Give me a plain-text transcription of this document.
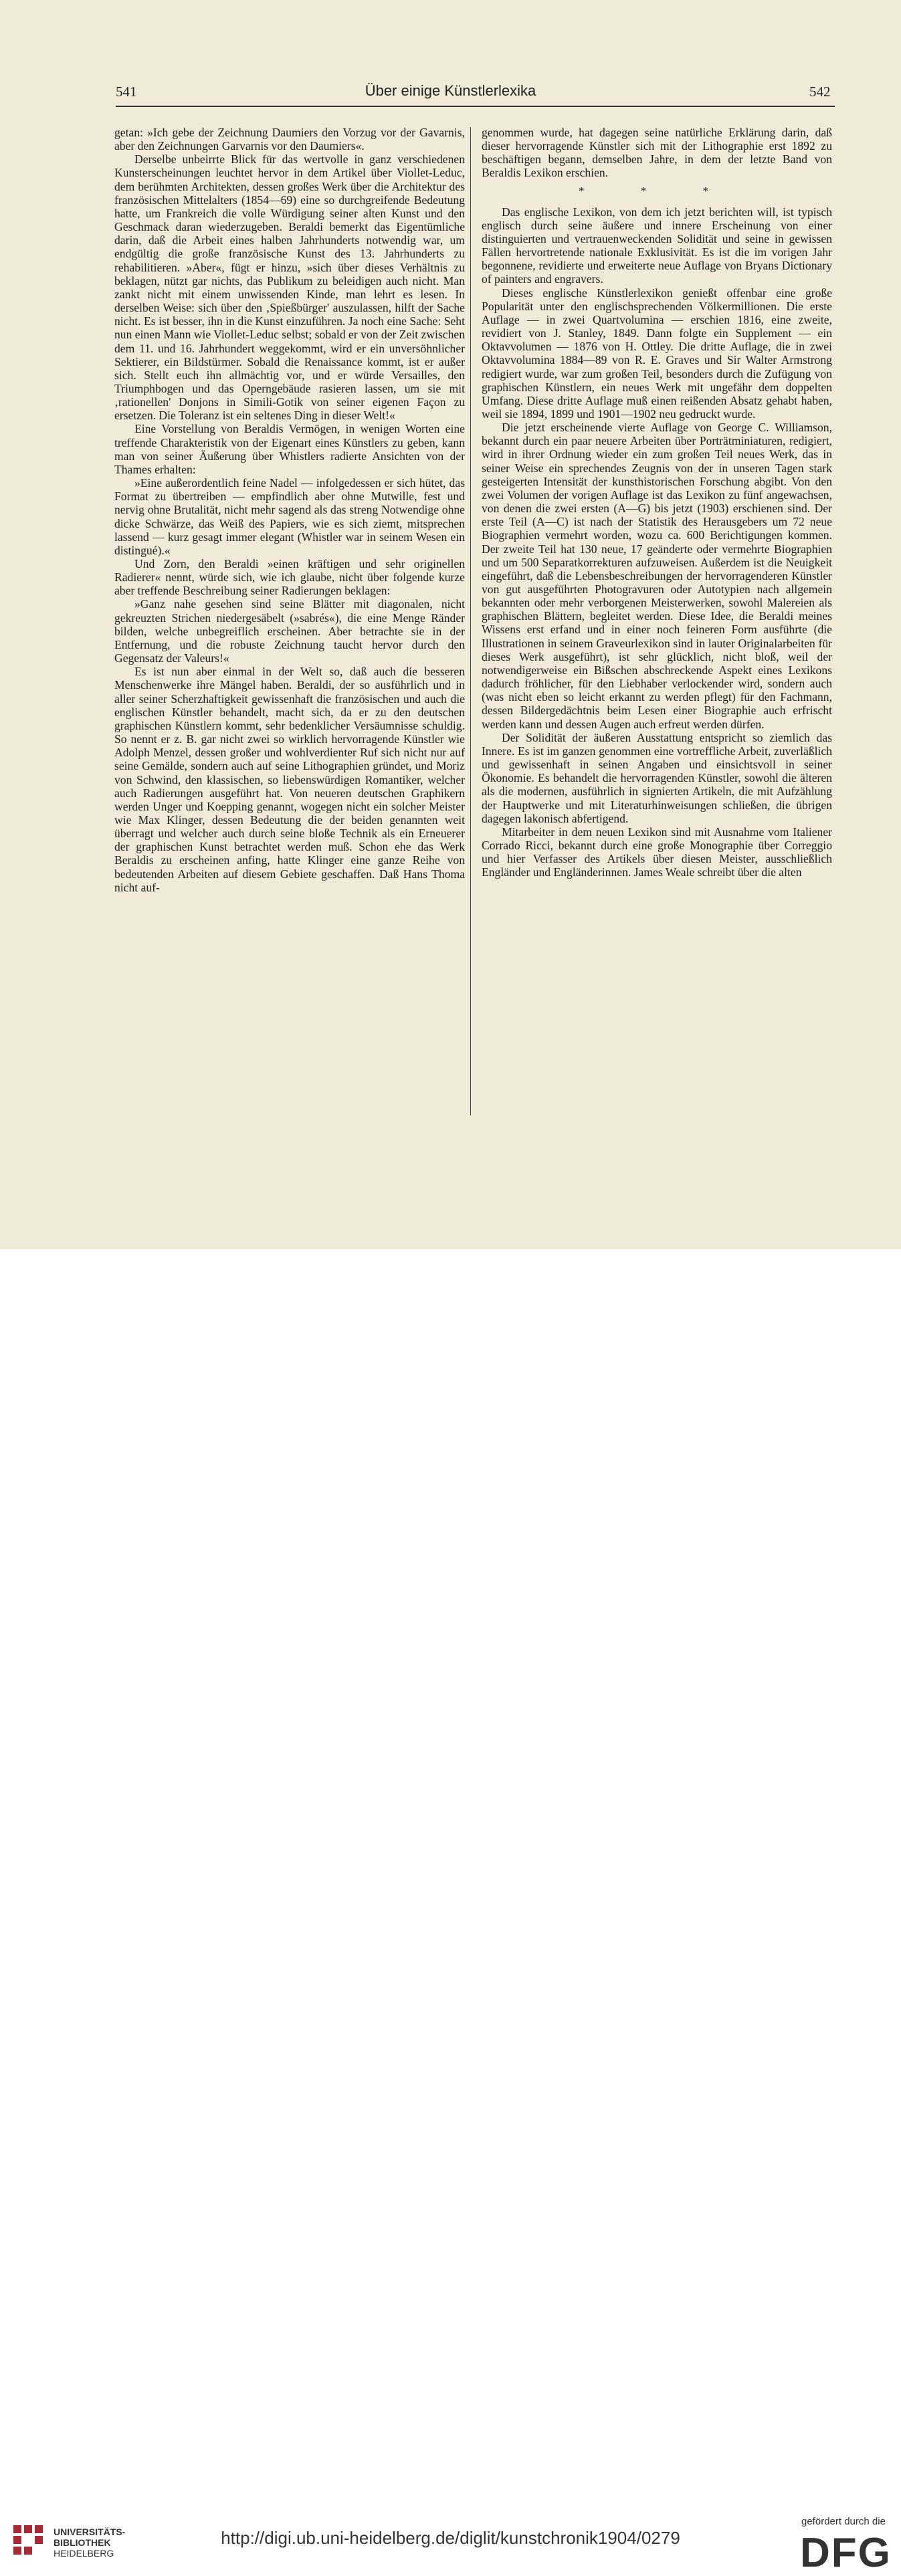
541	Über einige Künstlerlexika	542

getan: »Ich gebe der Zeichnung Daumiers den Vorzug vor der Gavarnis, aber den Zeichnungen Garvarnis vor den Daumiers«.

Derselbe unbeirrte Blick für das wertvolle in ganz verschiedenen Kunsterscheinungen leuchtet hervor in dem Artikel über Viollet-Leduc, dem berühmten Architekten, dessen großes Werk über die Architektur des französischen Mittelalters (1854—69) eine so durchgreifende Bedeutung hatte, um Frankreich die volle Würdigung seiner alten Kunst und den Geschmack daran wiederzugeben. Beraldi bemerkt das Eigentümliche darin, daß die Arbeit eines halben Jahrhunderts notwendig war, um endgültig die große französische Kunst des 13. Jahrhunderts zu rehabilitieren. »Aber«, fügt er hinzu, »sich über dieses Verhältnis zu beklagen, nützt gar nichts, das Publikum zu beleidigen auch nicht. Man zankt nicht mit einem unwissenden Kinde, man lehrt es lesen. In derselben Weise: sich über den ‚Spießbürger' auszulassen, hilft der Sache nicht. Es ist besser, ihn in die Kunst einzuführen. Ja noch eine Sache: Seht nun einen Mann wie Viollet-Leduc selbst; sobald er von der Zeit zwischen dem 11. und 16. Jahrhundert weggekommt, wird er ein unversöhnlicher Sektierer, ein Bildstürmer. Sobald die Renaissance kommt, ist er außer sich. Stellt euch ihn allmächtig vor, und er würde Versailles, den Triumphbogen und das Operngebäude rasieren lassen, um sie mit ‚rationellen' Donjons in Simili-Gotik von seiner eigenen Façon zu ersetzen. Die Toleranz ist ein seltenes Ding in dieser Welt!«

Eine Vorstellung von Beraldis Vermögen, in wenigen Worten eine treffende Charakteristik von der Eigenart eines Künstlers zu geben, kann man von seiner Äußerung über Whistlers radierte Ansichten von der Thames erhalten:

»Eine außerordentlich feine Nadel — infolgedessen er sich hütet, das Format zu übertreiben — empfindlich aber ohne Mutwille, fest und nervig ohne Brutalität, nicht mehr sagend als das streng Notwendige ohne dicke Schwärze, das Weiß des Papiers, wie es sich ziemt, mitsprechen lassend — kurz gesagt immer elegant (Whistler war in seinem Wesen ein distingué).«

Und Zorn, den Beraldi »einen kräftigen und sehr originellen Radierer« nennt, würde sich, wie ich glaube, nicht über folgende kurze aber treffende Beschreibung seiner Radierungen beklagen:

»Ganz nahe gesehen sind seine Blätter mit diagonalen, nicht gekreuzten Strichen niedergesäbelt (»sabrés«), die eine Menge Ränder bilden, welche unbegreiflich erscheinen. Aber betrachte sie in der Entfernung, und die robuste Zeichnung taucht hervor durch den Gegensatz der Valeurs!«

Es ist nun aber einmal in der Welt so, daß auch die besseren Menschenwerke ihre Mängel haben. Beraldi, der so ausführlich und in aller seiner Scherzhaftigkeit gewissenhaft die französischen und auch die englischen Künstler behandelt, macht sich, da er zu den deutschen graphischen Künstlern kommt, sehr bedenklicher Versäumnisse schuldig. So nennt er z. B. gar nicht zwei so wirklich hervorragende Künstler wie Adolph Menzel, dessen großer und wohlverdienter Ruf sich nicht nur auf seine Gemälde, sondern auch auf seine Lithographien gründet, und Moriz von Schwind, den klassischen, so liebenswürdigen Romantiker, welcher auch Radierungen ausgeführt hat. Von neueren deutschen Graphikern werden Unger und Koepping genannt, wogegen nicht ein solcher Meister wie Max Klinger, dessen Bedeutung die der beiden genannten weit überragt und welcher auch durch seine bloße Technik als ein Erneuerer der graphischen Kunst betrachtet werden muß. Schon ehe das Werk Beraldis zu erscheinen anfing, hatte Klinger eine ganze Reihe von bedeutenden Arbeiten auf diesem Gebiete geschaffen. Daß Hans Thoma nicht auf-

genommen wurde, hat dagegen seine natürliche Erklärung darin, daß dieser hervorragende Künstler sich mit der Lithographie erst 1892 zu beschäftigen begann, demselben Jahre, in dem der letzte Band von Beraldis Lexikon erschien.

* * *

Das englische Lexikon, von dem ich jetzt berichten will, ist typisch englisch durch seine äußere und innere Erscheinung von einer distinguierten und vertrauenweckenden Solidität und seine in gewissen Fällen hervortretende nationale Exklusivität. Es ist die im vorigen Jahr begonnene, revidierte und erweiterte neue Auflage von Bryans Dictionary of painters and engravers.

Dieses englische Künstlerlexikon genießt offenbar eine große Popularität unter den englischsprechenden Völkermillionen. Die erste Auflage — in zwei Quartvolumina — erschien 1816, eine zweite, revidiert von J. Stanley, 1849. Dann folgte ein Supplement — ein Oktavvolumen — 1876 von H. Ottley. Die dritte Auflage, die in zwei Oktavvolumina 1884—89 von R. E. Graves und Sir Walter Armstrong redigiert wurde, war zum großen Teil, besonders durch die Zufügung von graphischen Künstlern, ein neues Werk mit ungefähr dem doppelten Umfang. Diese dritte Auflage muß einen reißenden Absatz gehabt haben, weil sie 1894, 1899 und 1901—1902 neu gedruckt wurde.

Die jetzt erscheinende vierte Auflage von George C. Williamson, bekannt durch ein paar neuere Arbeiten über Porträtminiaturen, redigiert, wird in ihrer Ordnung wieder ein zum großen Teil neues Werk, das in seiner Weise ein sprechendes Zeugnis von der in unseren Tagen stark gesteigerten Intensität der kunsthistorischen Forschung abgibt. Von den zwei Volumen der vorigen Auflage ist das Lexikon zu fünf angewachsen, von denen die zwei ersten (A—G) bis jetzt (1903) erschienen sind. Der erste Teil (A—C) ist nach der Statistik des Herausgebers um 72 neue Biographien vermehrt worden, wozu ca. 600 Berichtigungen kommen. Der zweite Teil hat 130 neue, 17 geänderte oder vermehrte Biographien und um 500 Separatkorrekturen aufzuweisen. Außerdem ist die Neuigkeit eingeführt, daß die Lebensbeschreibungen der hervorragenderen Künstler von gut ausgeführten Photogravuren oder Autotypien nach allgemein bekannten oder mehr verborgenen Meisterwerken, sowohl Malereien als graphischen Blättern, begleitet werden. Diese Idee, die Beraldi meines Wissens erst erfand und in einer noch feineren Form ausführte (die Illustrationen in seinem Graveurlexikon sind in lauter Originalarbeiten für dieses Werk ausgeführt), ist sehr glücklich, nicht bloß, weil der notwendigerweise ein Bißschen abschreckende Aspekt eines Lexikons dadurch fröhlicher, für den Liebhaber verlockender wird, sondern auch (was nicht eben so leicht erkannt zu werden pflegt) für den Fachmann, dessen Bildergedächtnis beim Lesen einer Biographie auch erfrischt werden kann und dessen Augen auch erfreut werden dürfen.

Der Solidität der äußeren Ausstattung entspricht so ziemlich das Innere. Es ist im ganzen genommen eine vortreffliche Arbeit, zuverläßlich und gewissenhaft in seinen Angaben und einsichtsvoll in seiner Ökonomie. Es behandelt die hervorragenden Künstler, sowohl die älteren als die modernen, ausführlich in signierten Artikeln, die mit Aufzählung der Hauptwerke und mit Literaturhinweisungen schließen, die übrigen dagegen lakonisch abfertigend.

Mitarbeiter in dem neuen Lexikon sind mit Ausnahme vom Italiener Corrado Ricci, bekannt durch eine große Monographie über Correggio und hier Verfasser des Artikels über diesen Meister, ausschließlich Engländer und Engländerinnen. James Weale schreibt über die alten

UNIVERSITÄTS-
BIBLIOTHEK
HEIDELBERG
http://digi.ub.uni-heidelberg.de/diglit/kunstchronik1904/0279
gefördert durch die
DFG
